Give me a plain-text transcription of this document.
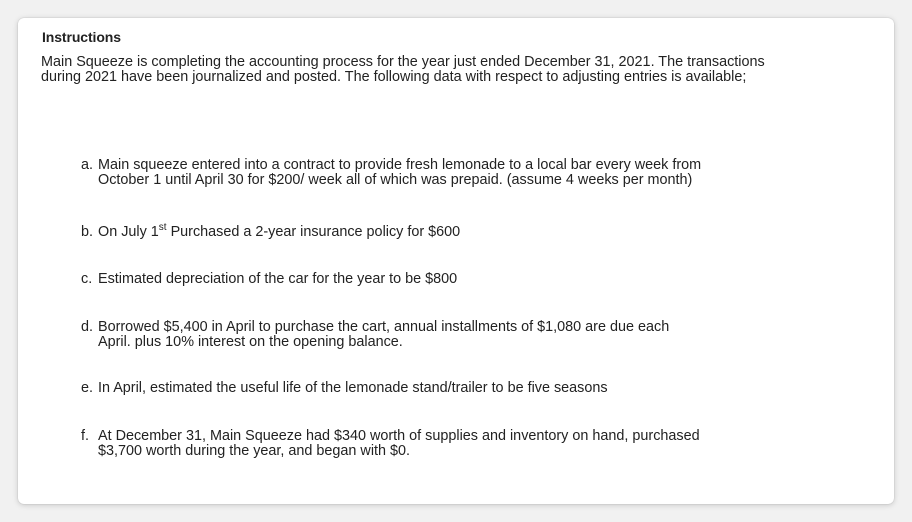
Instructions
Main Squeeze is completing the accounting process for the year just ended December 31, 2021. The transactions during 2021 have been journalized and posted. The following data with respect to adjusting entries is available;
a. Main squeeze entered into a contract to provide fresh lemonade to a local bar every week from
October 1 until April 30 for $200/ week all of which was prepaid. (assume 4 weeks per month)
b. On July 1st Purchased a 2-year insurance policy for $600
c. Estimated depreciation of the car for the year to be $800
d. Borrowed $5,400 in April to purchase the cart, annual installments of $1,080 are due each
April. plus 10% interest on the opening balance.
e. In April, estimated the useful life of the lemonade stand/trailer to be five seasons
f. At December 31, Main Squeeze had $340 worth of supplies and inventory on hand, purchased
$3,700 worth during the year, and began with $0.
